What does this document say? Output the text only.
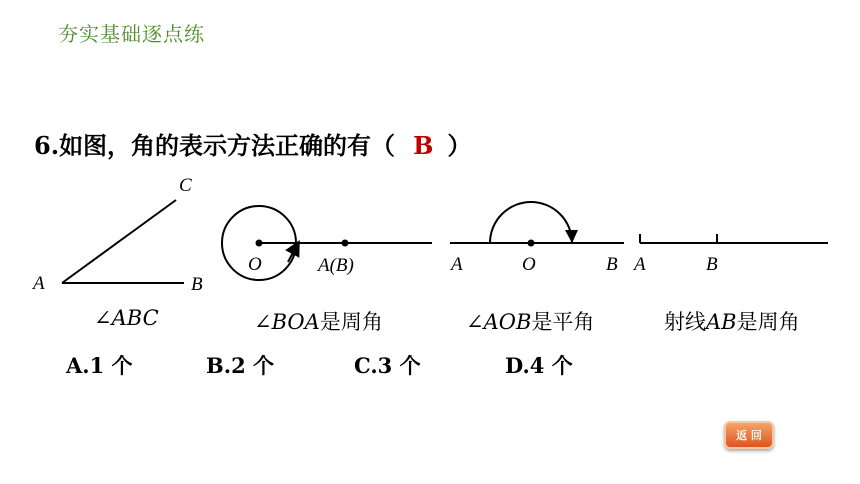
夯实基础逐点练
6.如图，角的表示方法正确的有（ B ）
C
A	B
O	A(B)	A	O	B A	B
∠ABC	∠BOA是周角	∠AOB是平角	射线AB是周角
A.1 个	B.2 个	C.3 个	D.4 个
返 回
